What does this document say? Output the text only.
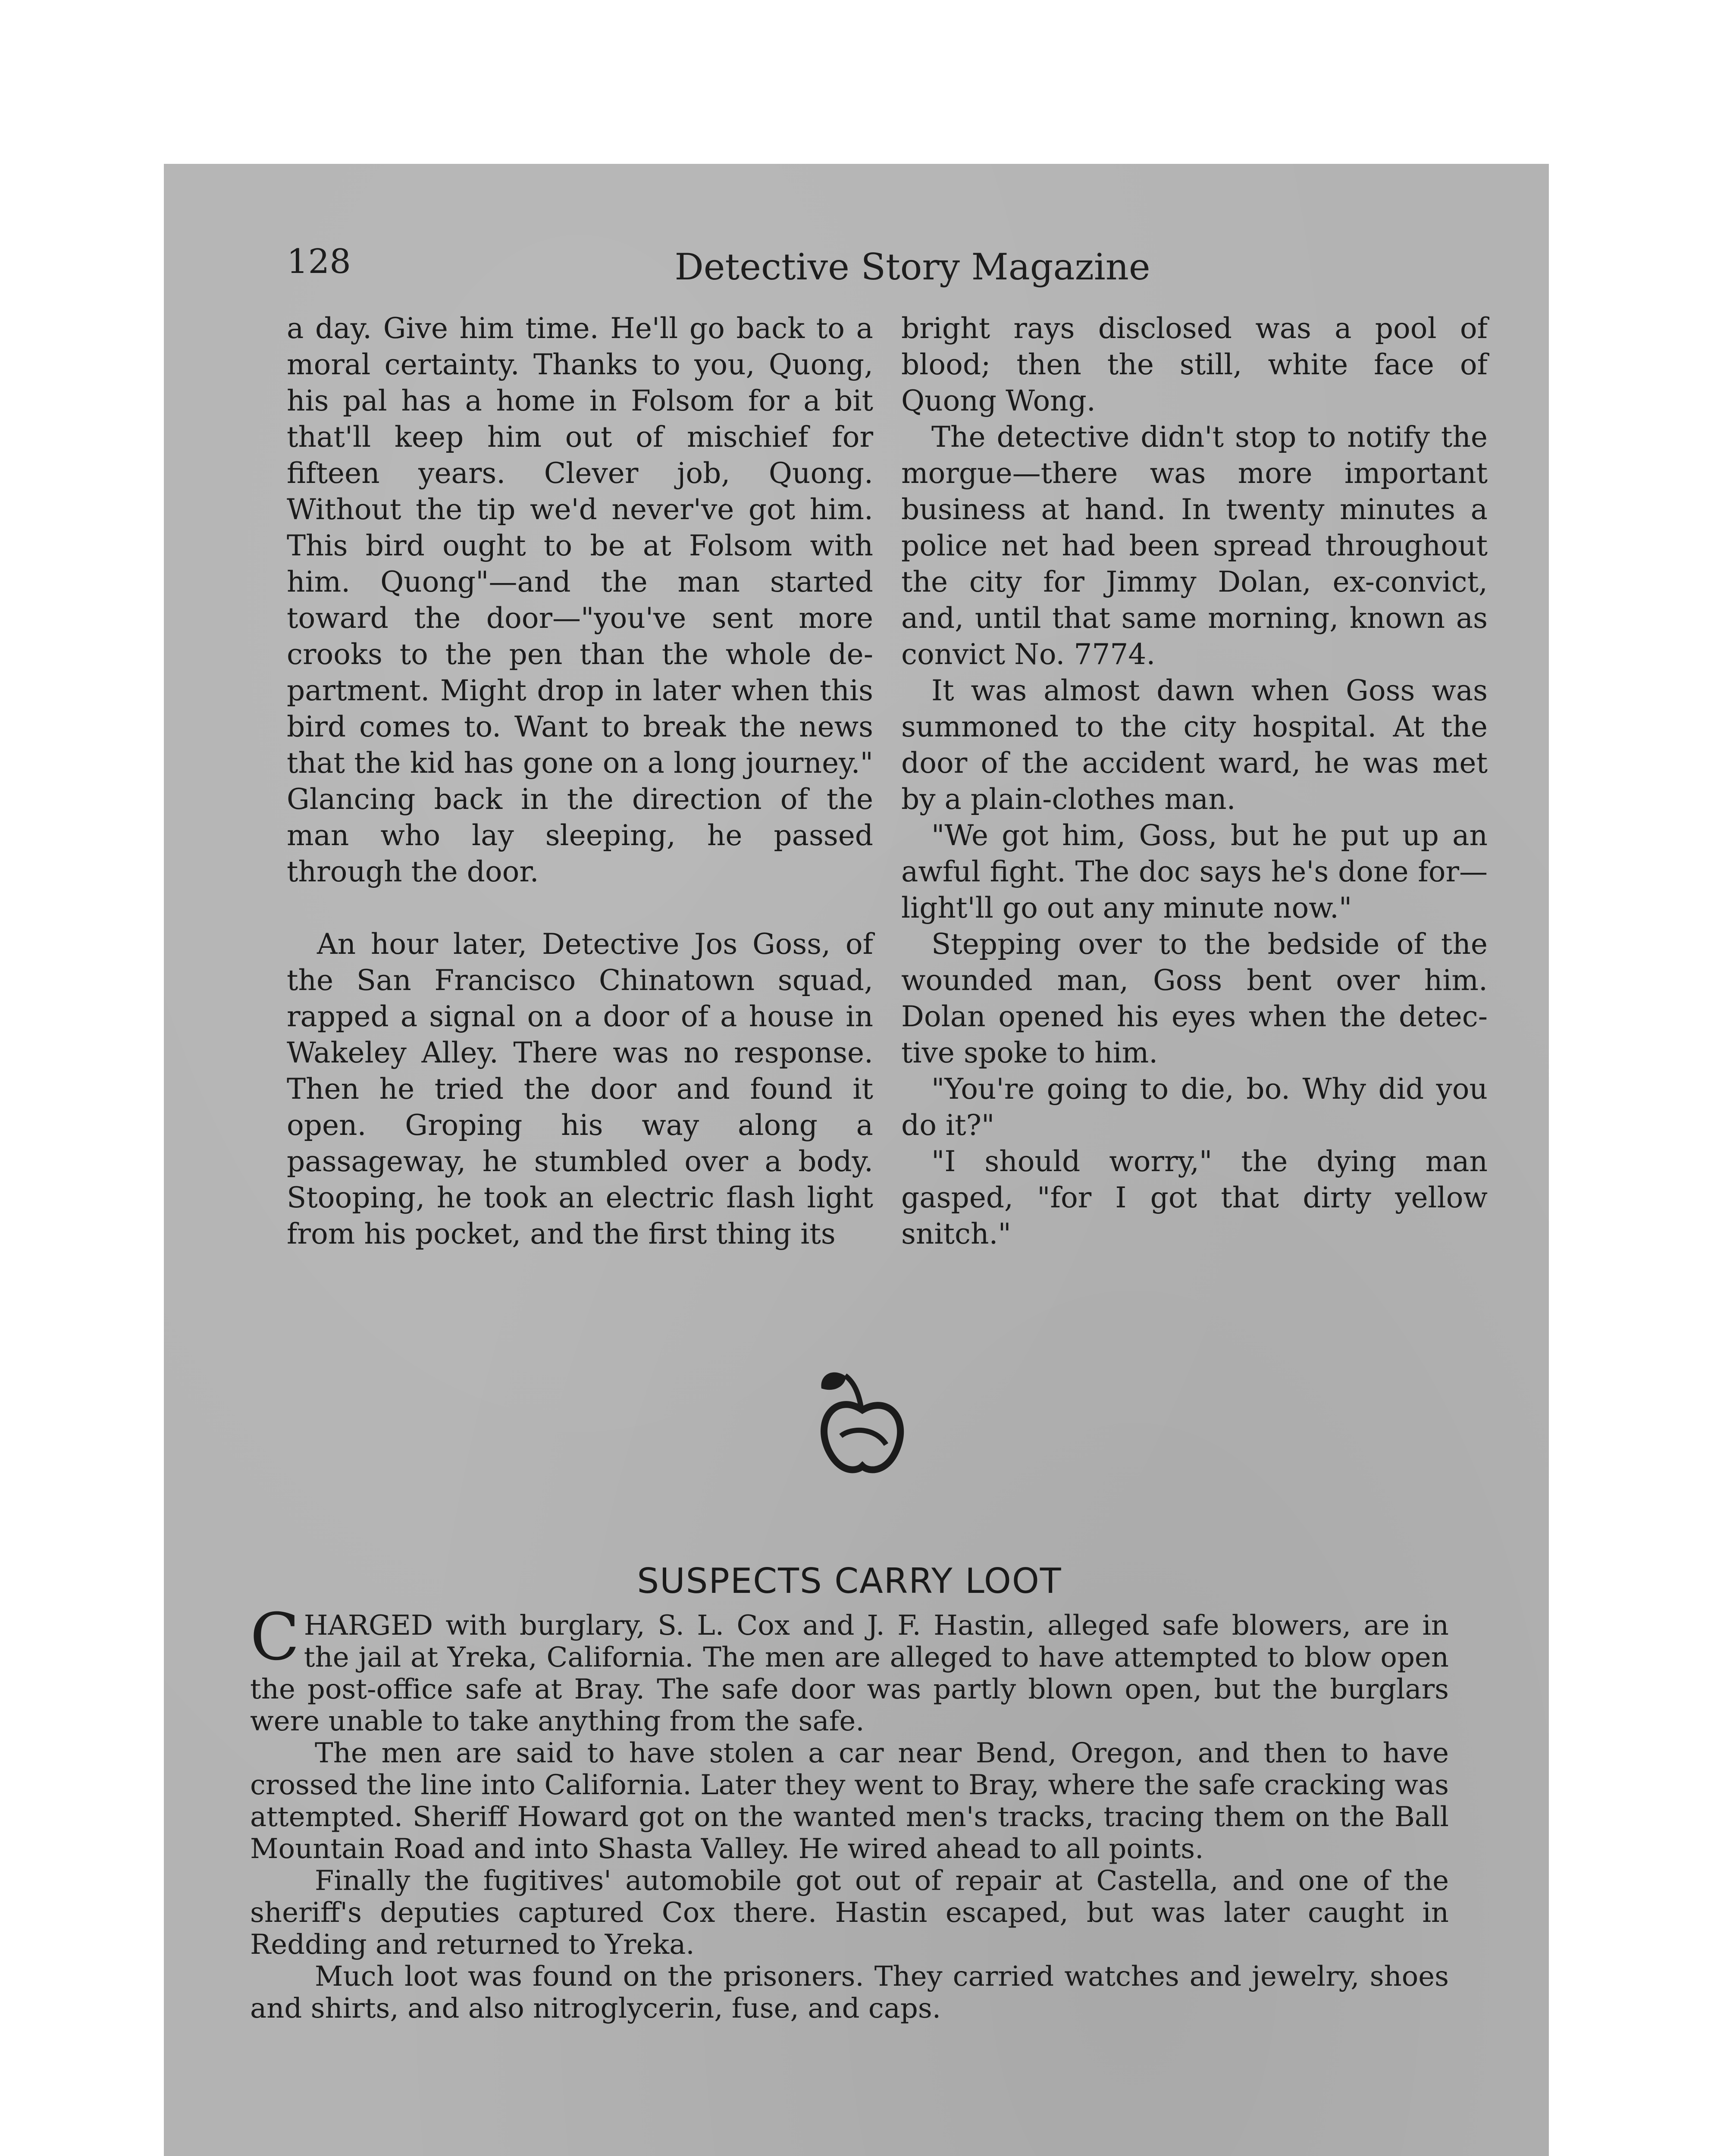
128	Detective Story Magazine

a day. Give him time. He'll go back to a moral certainty. Thanks to you, Quong, his pal has a home in Folsom for a bit that'll keep him out of mischief for fifteen years. Clever job, Quong. Without the tip we'd never've got him. This bird ought to be at Folsom with him. Quong"—and the man started toward the door—"you've sent more crooks to the pen than the whole department. Might drop in later when this bird comes to. Want to break the news that the kid has gone on a long journey." Glancing back in the direction of the man who lay sleeping, he passed through the door.

An hour later, Detective Jos Goss, of the San Francisco Chinatown squad, rapped a signal on a door of a house in Wakeley Alley. There was no response. Then he tried the door and found it open. Groping his way along a passageway, he stumbled over a body. Stooping, he took an electric flash light from his pocket, and the first thing its

bright rays disclosed was a pool of blood; then the still, white face of Quong Wong.

The detective didn't stop to notify the morgue—there was more important business at hand. In twenty minutes a police net had been spread throughout the city for Jimmy Dolan, ex-convict, and, until that same morning, known as convict No. 7774.

It was almost dawn when Goss was summoned to the city hospital. At the door of the accident ward, he was met by a plain-clothes man.

"We got him, Goss, but he put up an awful fight. The doc says he's done for—light'll go out any minute now."

Stepping over to the bedside of the wounded man, Goss bent over him. Dolan opened his eyes when the detective spoke to him.

"You're going to die, bo. Why did you do it?"

"I should worry," the dying man gasped, "for I got that dirty yellow snitch."

SUSPECTS CARRY LOOT

CHARGED with burglary, S. L. Cox and J. F. Hastin, alleged safe blowers, are in the jail at Yreka, California. The men are alleged to have attempted to blow open the post-office safe at Bray. The safe door was partly blown open, but the burglars were unable to take anything from the safe.

The men are said to have stolen a car near Bend, Oregon, and then to have crossed the line into California. Later they went to Bray, where the safe cracking was attempted. Sheriff Howard got on the wanted men's tracks, tracing them on the Ball Mountain Road and into Shasta Valley. He wired ahead to all points.

Finally the fugitives' automobile got out of repair at Castella, and one of the sheriff's deputies captured Cox there. Hastin escaped, but was later caught in Redding and returned to Yreka.

Much loot was found on the prisoners. They carried watches and jewelry, shoes and shirts, and also nitroglycerin, fuse, and caps.
